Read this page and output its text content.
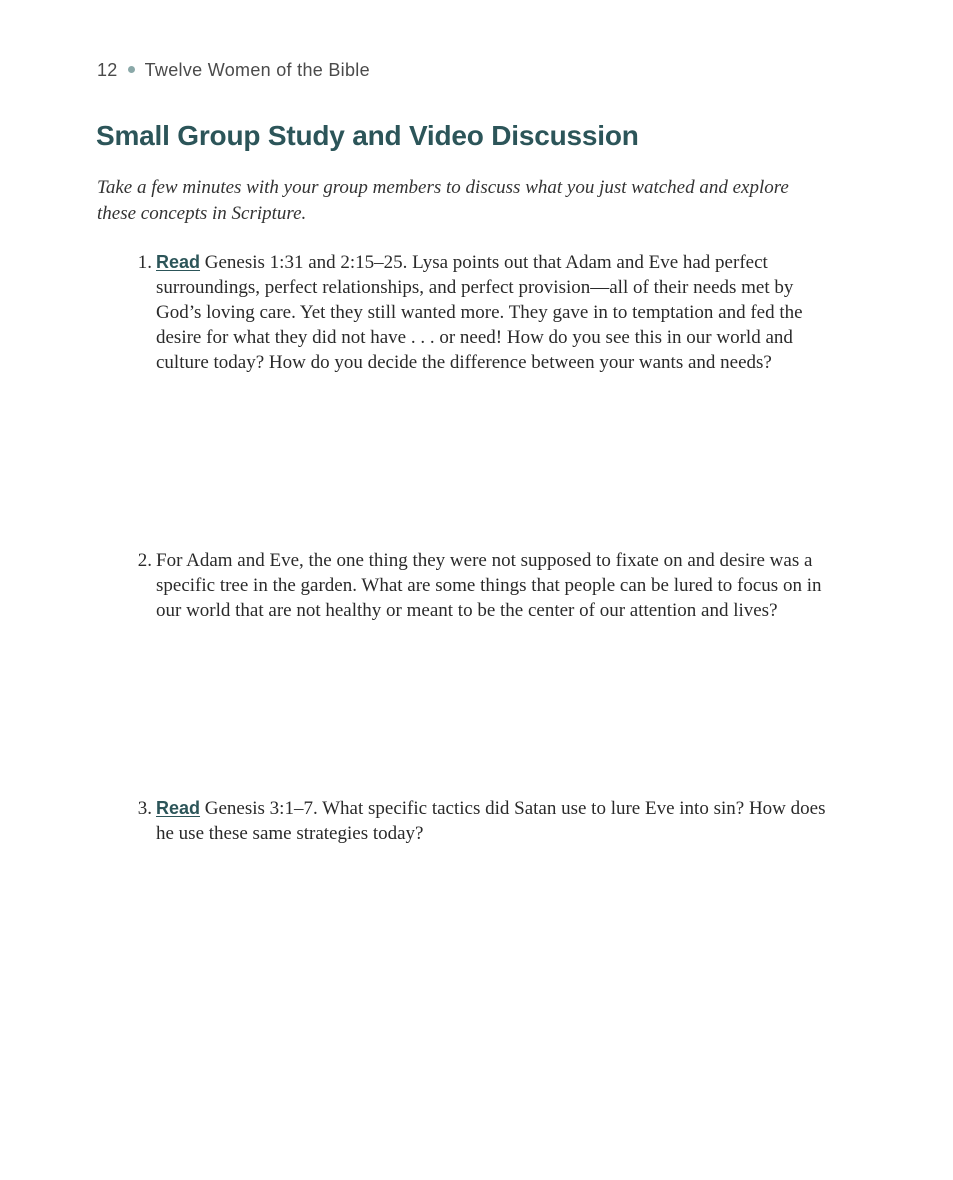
12 Twelve Women of the Bible
Small Group Study and Video Discussion

Take a few minutes with your group members to discuss what you just watched and explore these concepts in Scripture.

1. Read Genesis 1:31 and 2:15–25. Lysa points out that Adam and Eve had perfect surroundings, perfect relationships, and perfect provision—all of their needs met by God’s loving care. Yet they still wanted more. They gave in to temptation and fed the desire for what they did not have . . . or need! How do you see this in our world and culture today? How do you decide the difference between your wants and needs?
2. For Adam and Eve, the one thing they were not supposed to fixate on and desire was a specific tree in the garden. What are some things that people can be lured to focus on in our world that are not healthy or meant to be the center of our attention and lives?
3. Read Genesis 3:1–7. What specific tactics did Satan use to lure Eve into sin? How does he use these same strategies today?
